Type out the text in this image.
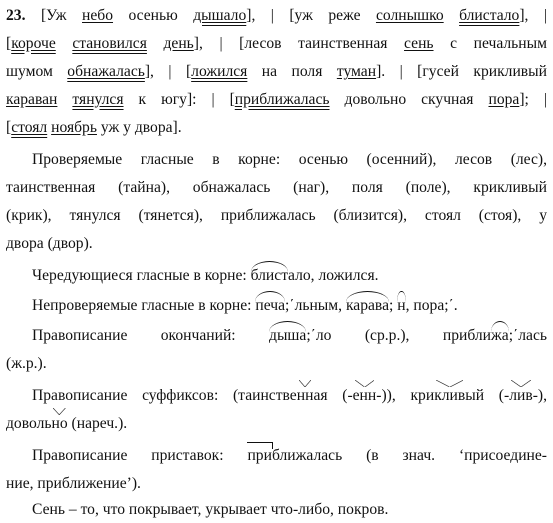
23. [Уж небо осенью дышало], | [уж реже солнышко блистало], |
[короче становился день], | [лесов таинственная сень с печальным
шумом обнажалась], | [ложился на поля туман]. | [гусей крикливый
караван тянулся к югу]: | [приближалась довольно скучная пора]; |
[стоял ноябрь уж у двора].
Проверяемые гласные в корне: осенью (осенний), лесов (лес),
таинственная (тайна), обнажалась (наг), поля (поле), крикливый
(крик), тянулся (тянется), приближалась (близится), стоял (стоя), у
двора (двор).
Чередующиеся гласные в корне: блистало, ложился.
Непроверяемые гласные в корне: печа;΄льным, карава; н, пора;΄.
Правописание окончаний: дыша;΄ло (ср.р.), приближа;΄лась
(ж.р.).
Правописание суффиксов: (таинственная (-енн-)), крикливый (-лив-),
довольно (нареч.).
Правописание приставок: приближалась (в знач. ‘присоедине-
ние, приближение’).
Сень – то, что покрывает, укрывает что-либо, покров.
